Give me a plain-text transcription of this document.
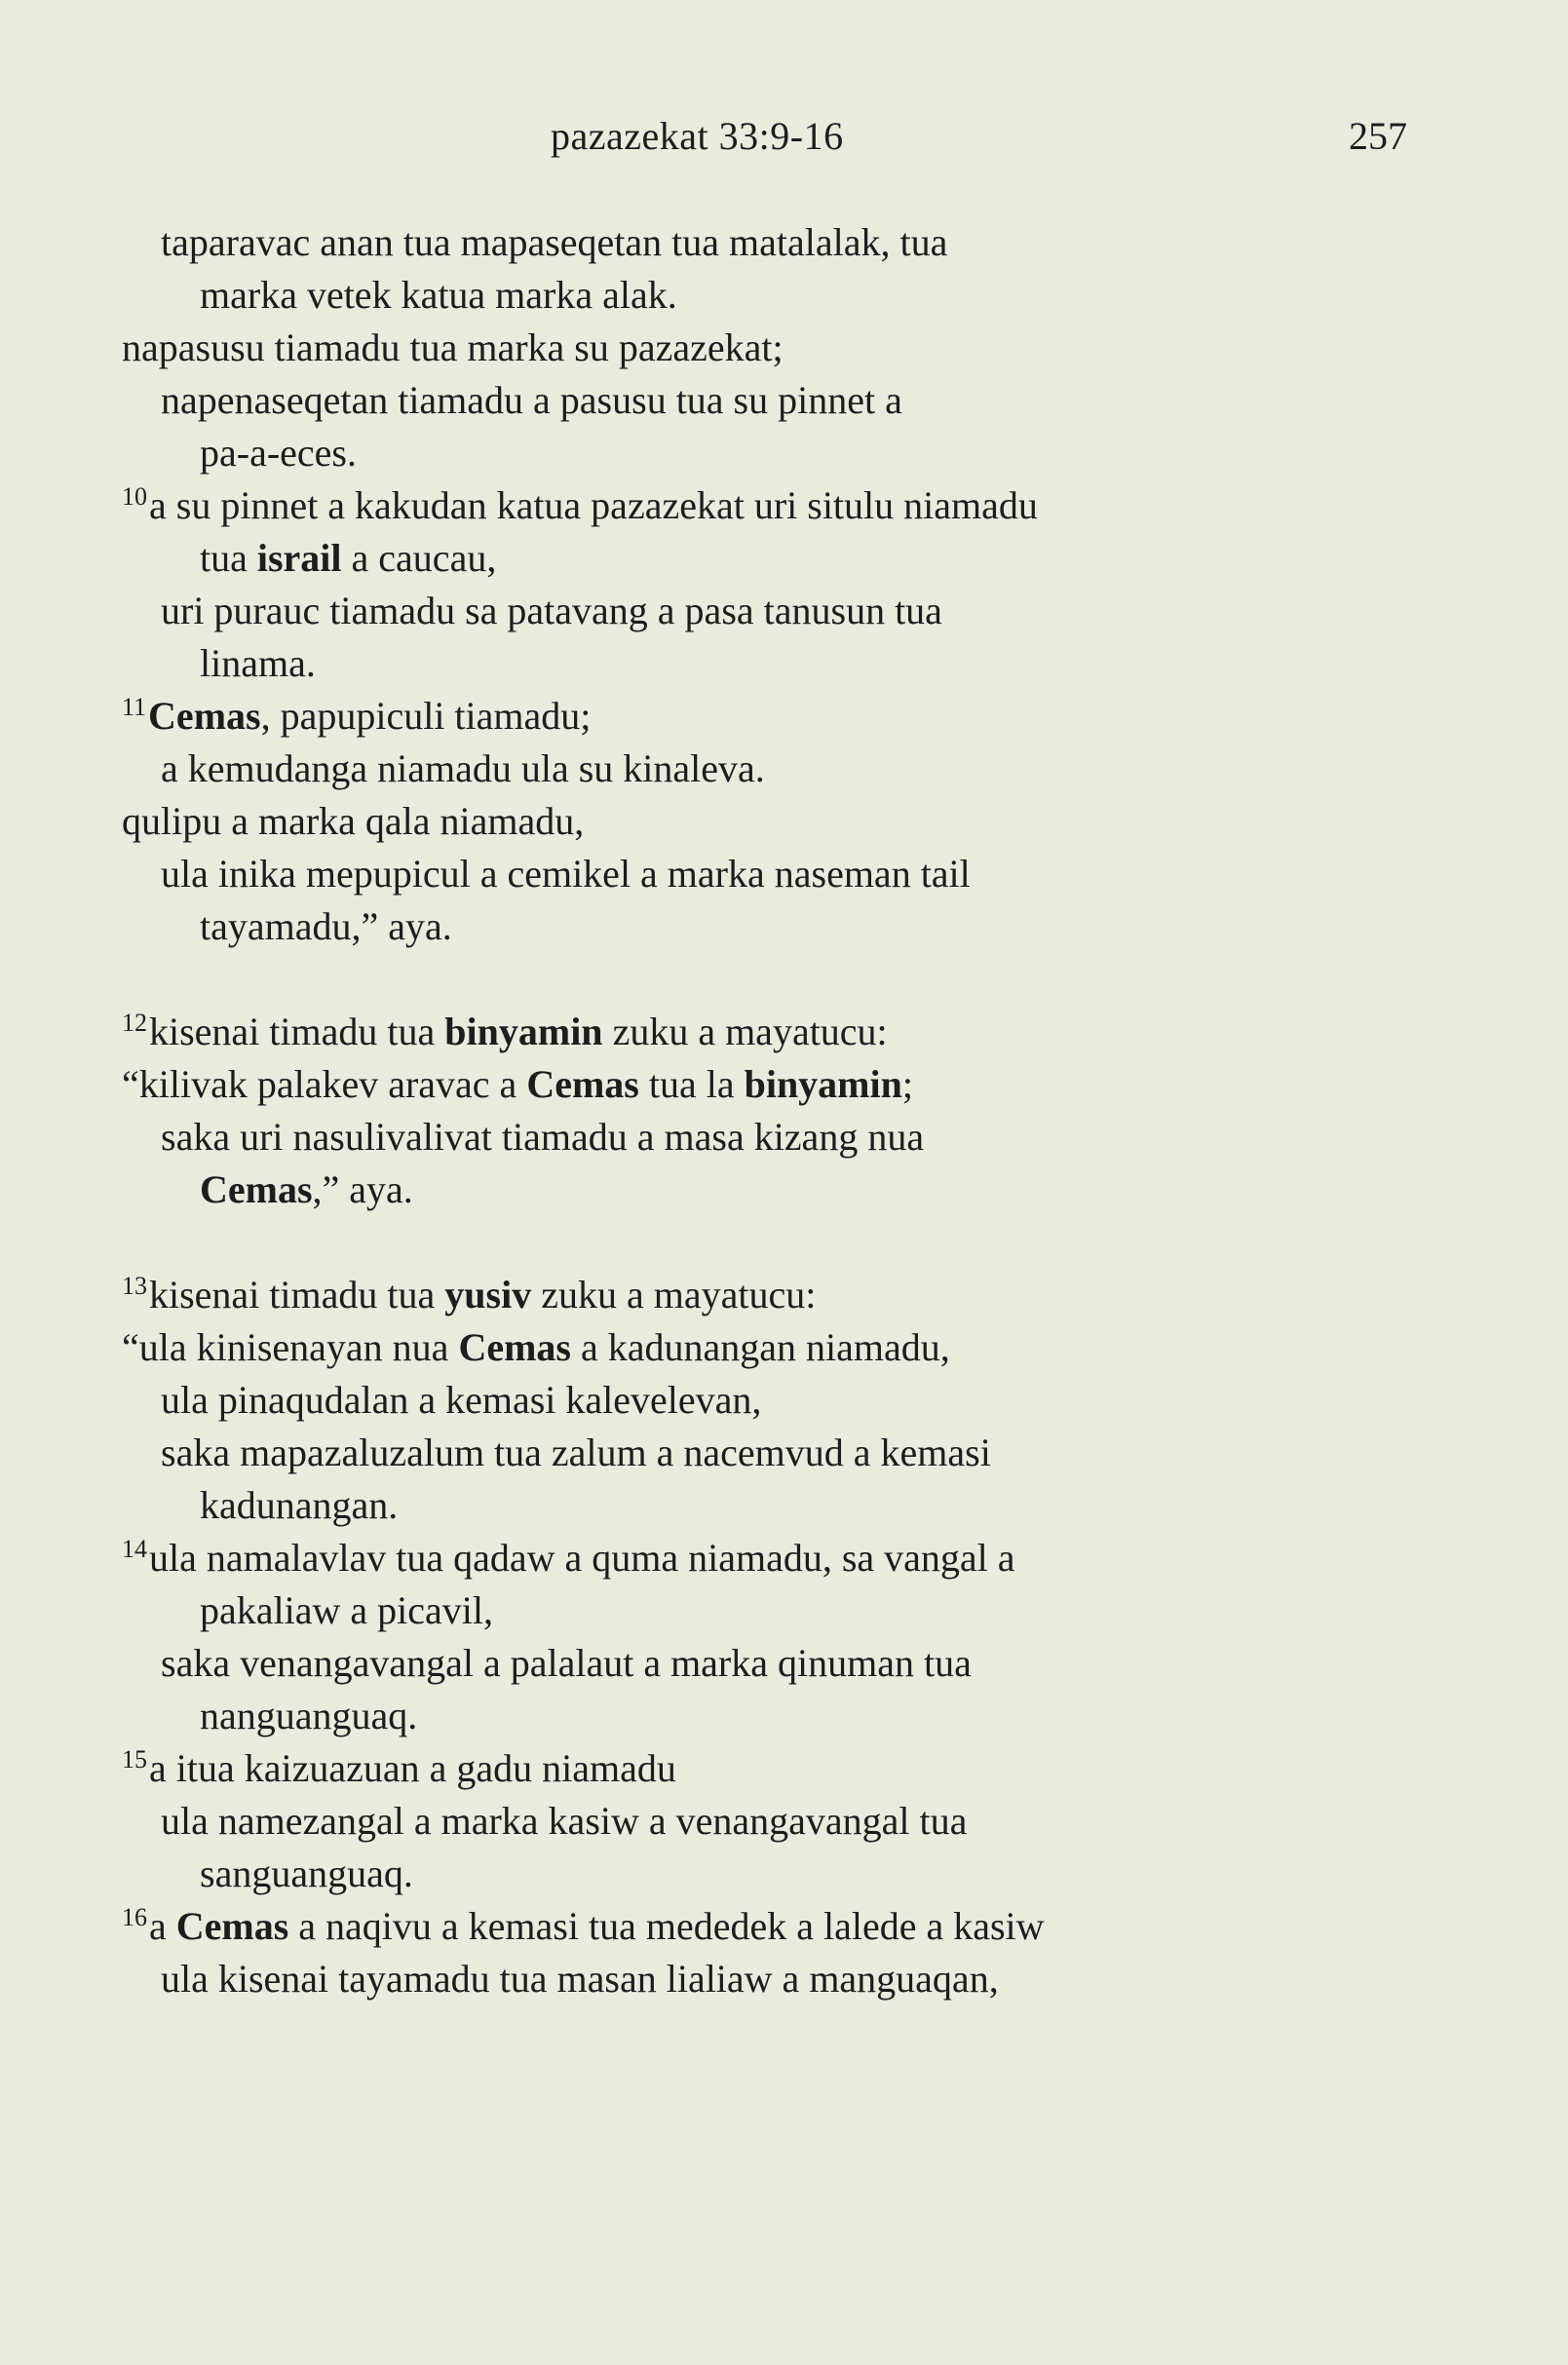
pazazekat 33:9-16	257
taparavac anan tua mapaseqetan tua matalalak, tua
marka vetek katua marka alak.
napasusu tiamadu tua marka su pazazekat;
napenaseqetan tiamadu a pasusu tua su pinnet a
pa-a-eces.
$^{10}$a su pinnet a kakudan katua pazazekat uri situlu niamadu
tua israil a caucau,
uri purauc tiamadu sa patavang a pasa tanusun tua
linama.
$^{11}$Cemas, papupiculi tiamadu;
a kemudanga niamadu ula su kinaleva.
qulipu a marka qala niamadu,
ula inika mepupicul a cemikel a marka naseman tail
tayamadu,” aya.
$^{12}$kisenai timadu tua binyamin zuku a mayatucu:
“kilivak palakev aravac a Cemas tua la binyamin;
saka uri nasulivalivat tiamadu a masa kizang nua
Cemas,” aya.
$^{13}$kisenai timadu tua yusiv zuku a mayatucu:
“ula kinisenayan nua Cemas a kadunangan niamadu,
ula pinaqudalan a kemasi kalevelevan,
saka mapazaluzalum tua zalum a nacemvud a kemasi
kadunangan.
$^{14}$ula namalavlav tua qadaw a quma niamadu, sa vangal a
pakaliaw a picavil,
saka venangavangal a palalaut a marka qinuman tua
nanguanguaq.
$^{15}$a itua kaizuazuan a gadu niamadu
ula namezangal a marka kasiw a venangavangal tua
sanguanguaq.
$^{16}$a Cemas a naqivu a kemasi tua mededek a lalede a kasiw
ula kisenai tayamadu tua masan lialiaw a manguaqan,
